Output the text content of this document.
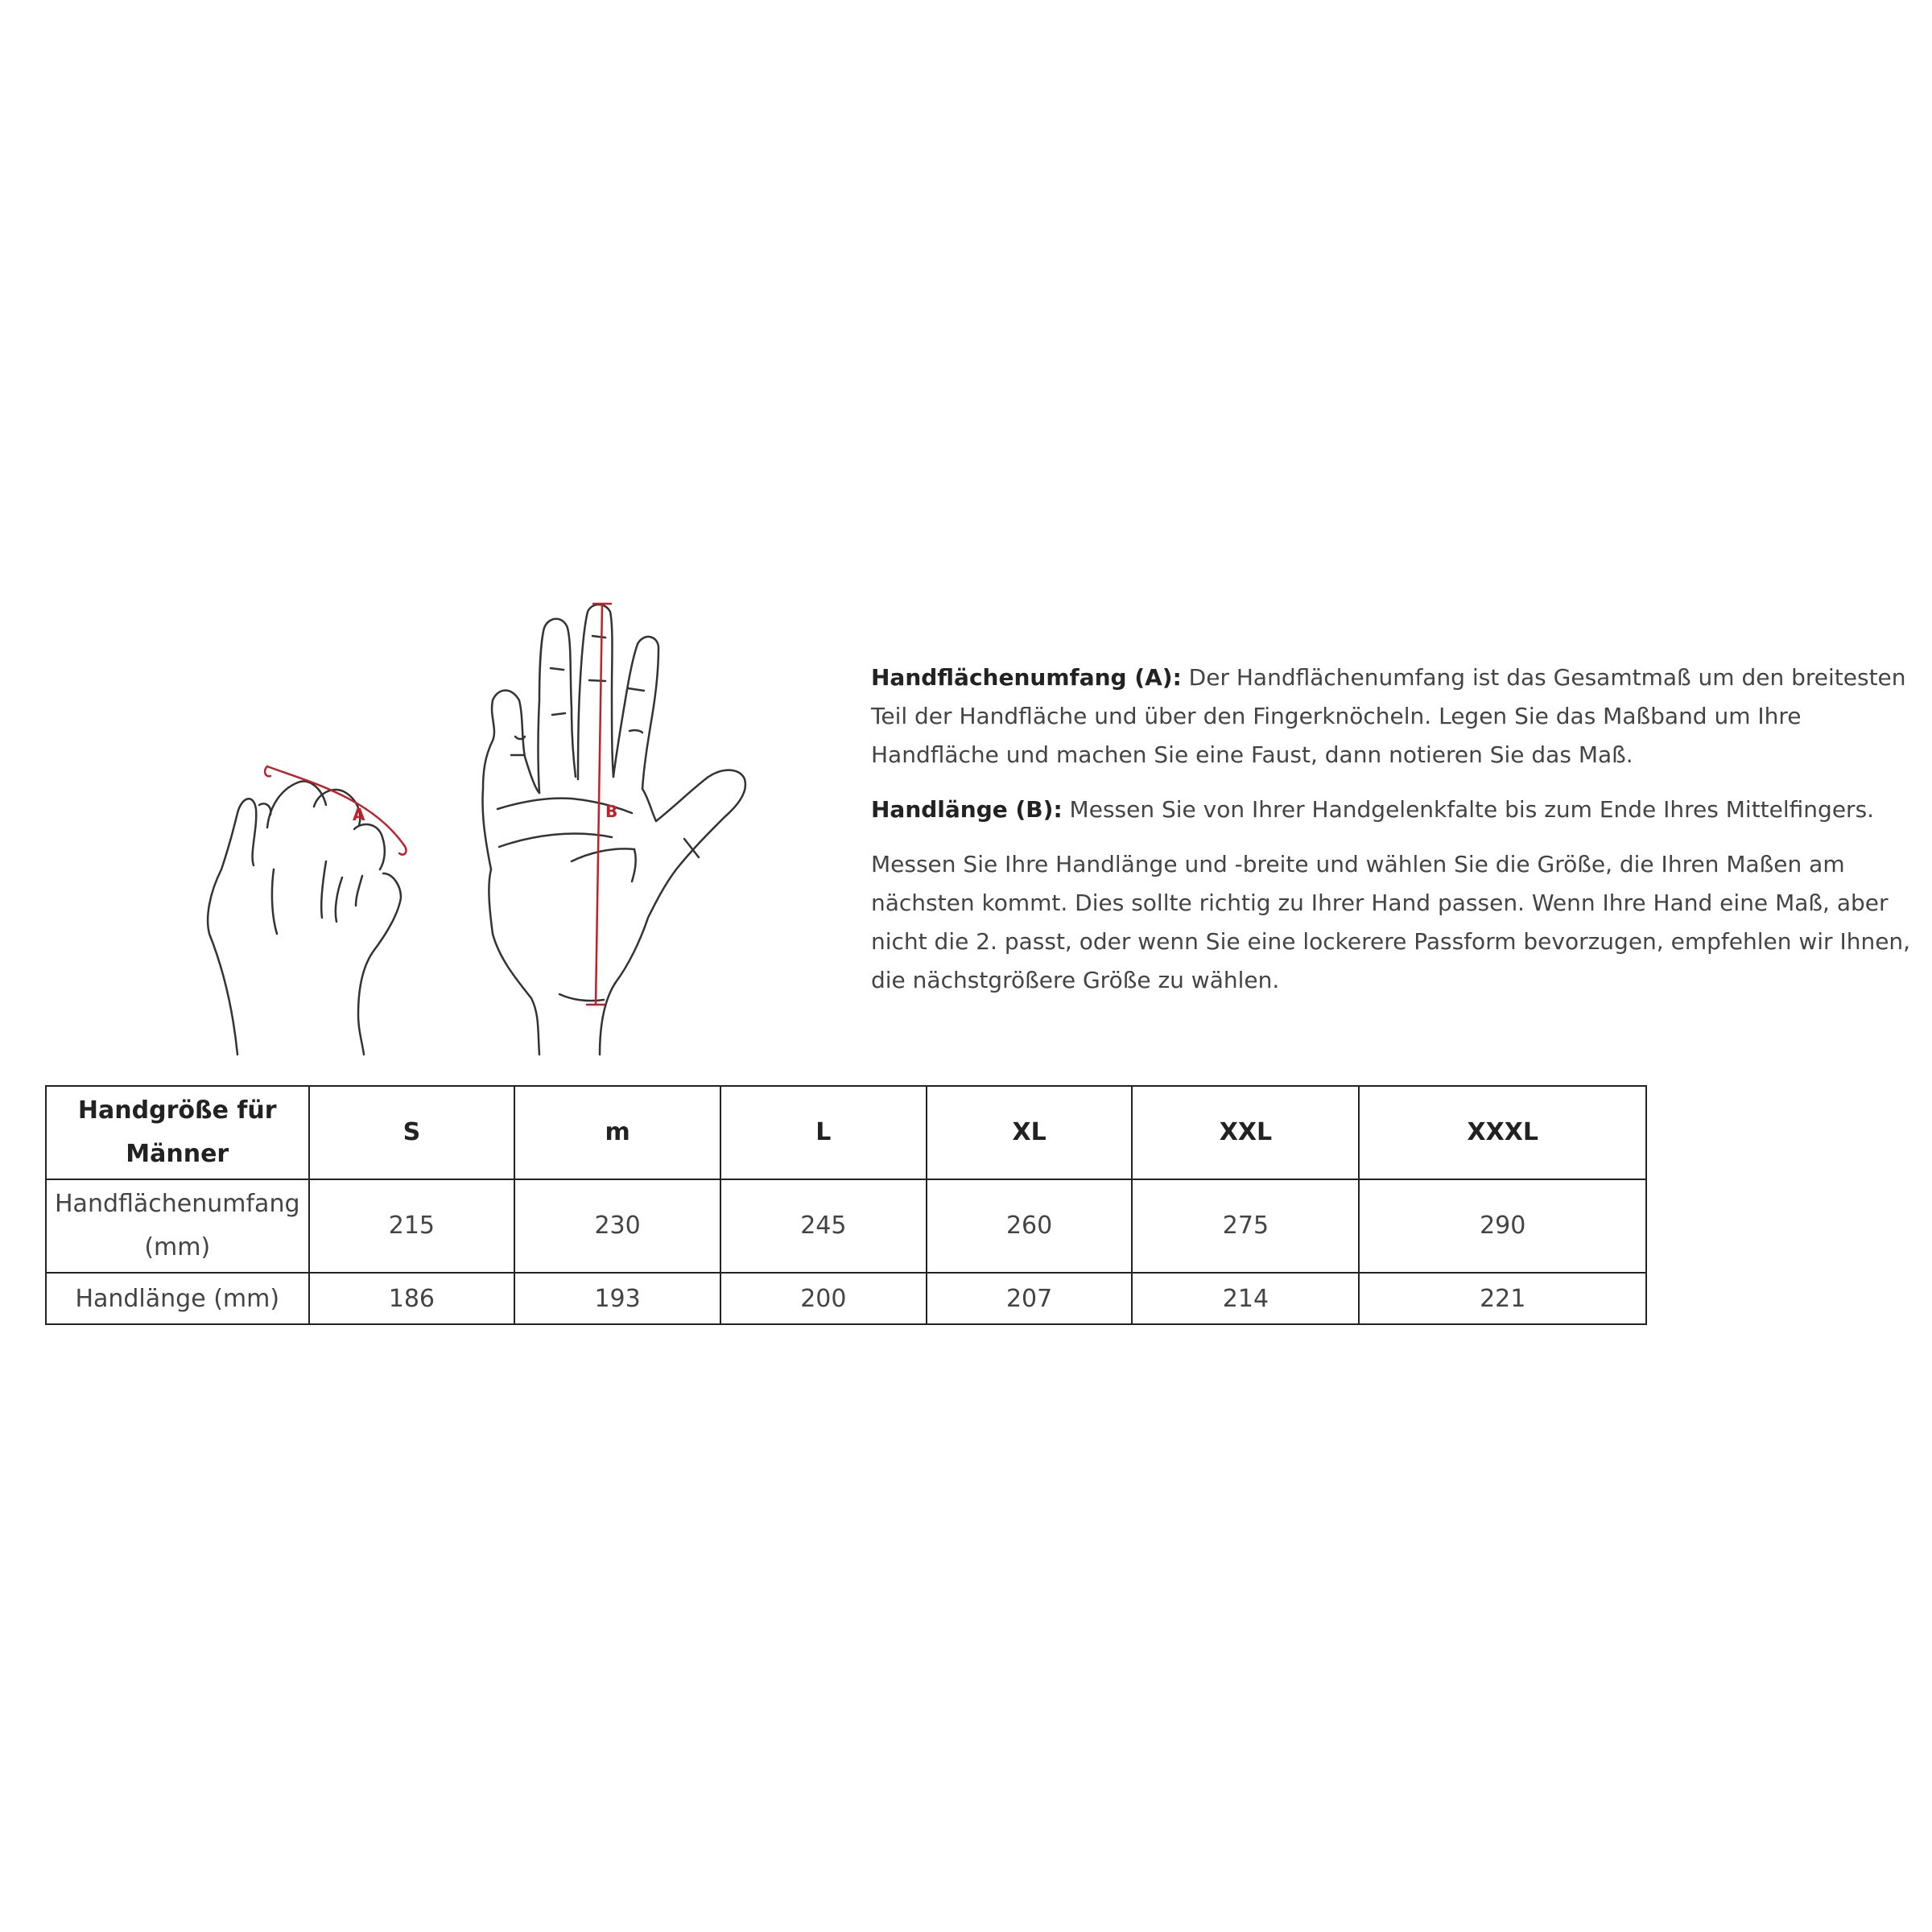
A	B

Handflächenumfang (A): Der Handflächenumfang ist das Gesamtmaß um den breitesten Teil der Handfläche und über den Fingerknöcheln. Legen Sie das Maßband um Ihre Handfläche und machen Sie eine Faust, dann notieren Sie das Maß.

Handlänge (B): Messen Sie von Ihrer Handgelenkfalte bis zum Ende Ihres Mittelfingers.

Messen Sie Ihre Handlänge und -breite und wählen Sie die Größe, die Ihren Maßen am nächsten kommt. Dies sollte richtig zu Ihrer Hand passen. Wenn Ihre Hand eine Maß, aber nicht die 2. passt, oder wenn Sie eine lockerere Passform bevorzugen, empfehlen wir Ihnen, die nächstgrößere Größe zu wählen.

Handgröße für Männer	S	m	L	XL	XXL	XXXL
Handflächenumfang (mm)	215	230	245	260	275	290
Handlänge (mm)	186	193	200	207	214	221
